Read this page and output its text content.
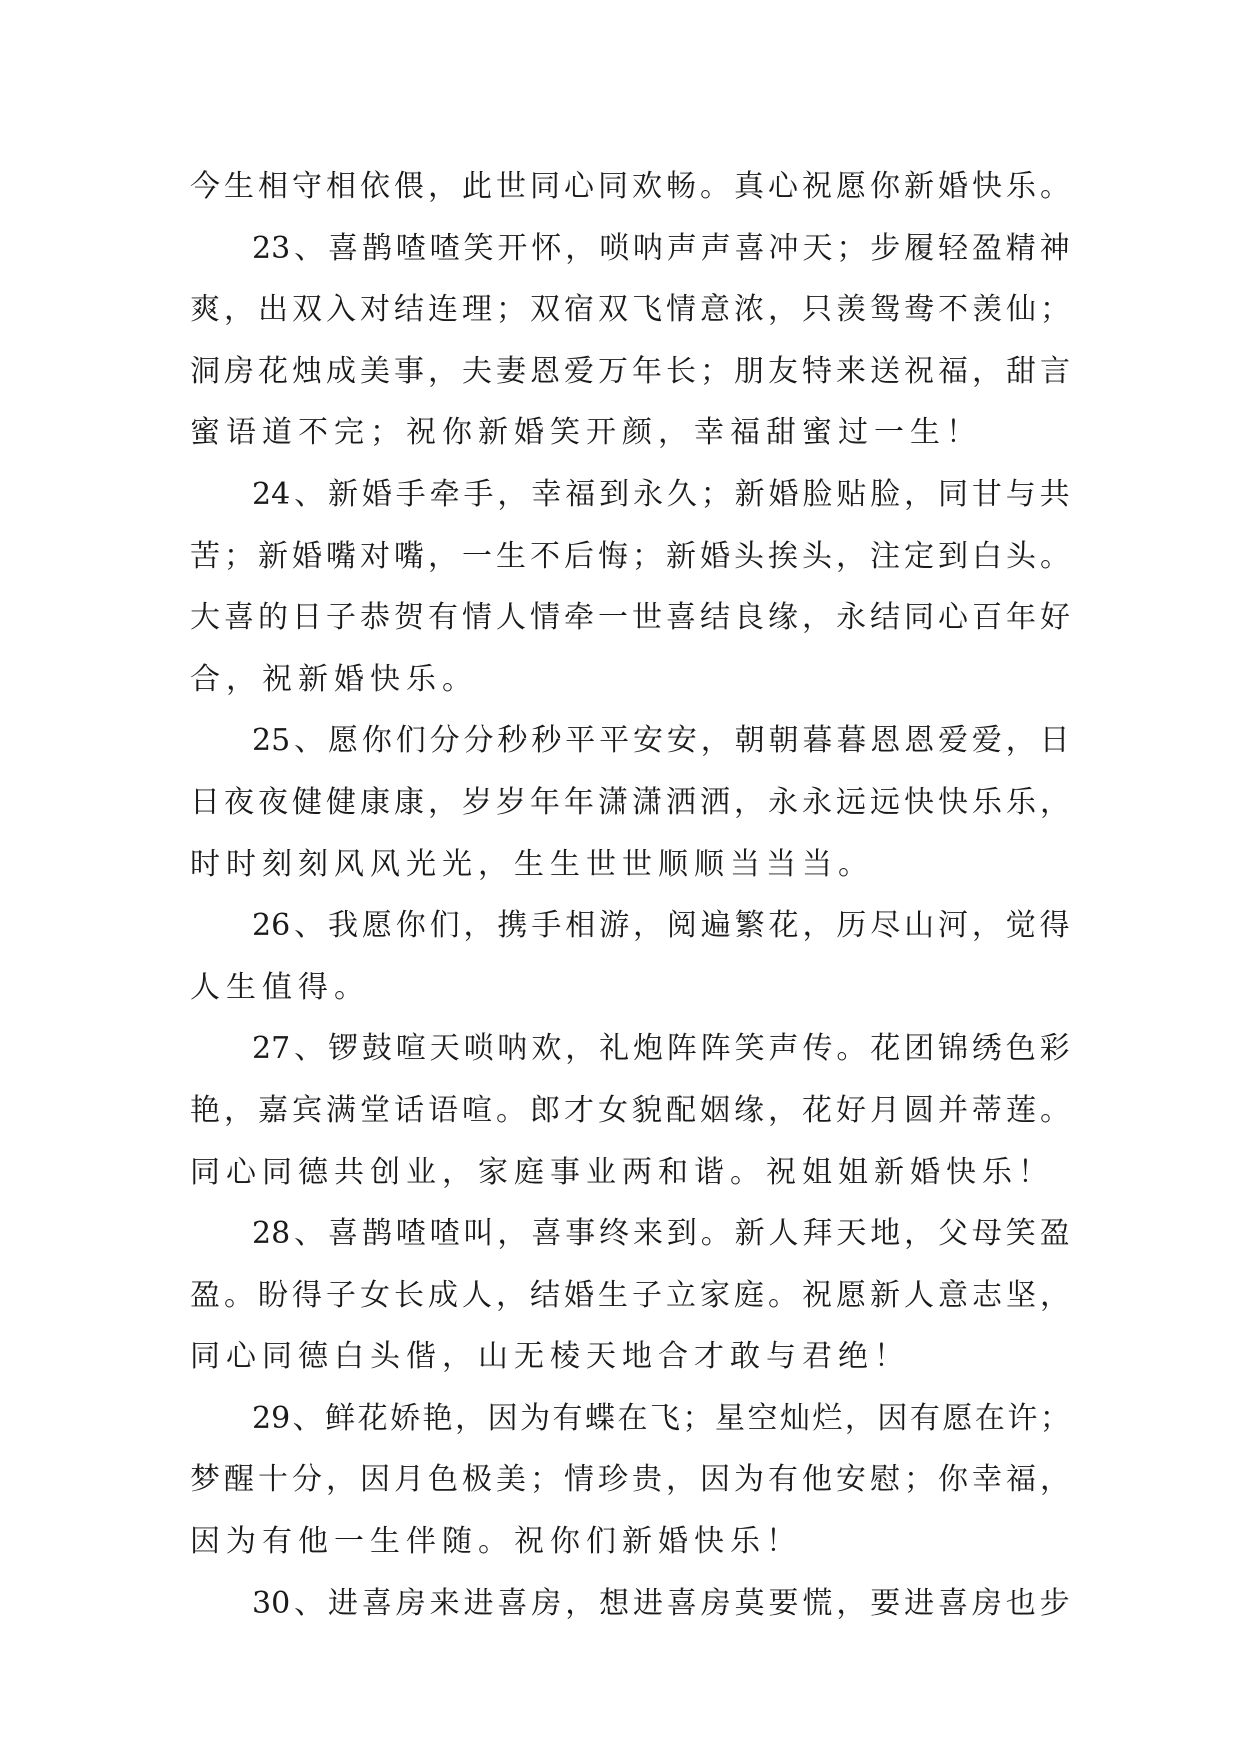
今 生 相 守 相 依 偎 ， 此 世 同 心 同 欢 畅 。 真 心 祝 愿 你 新 婚 快 乐 。
23 、 喜 鹊 喳 喳 笑 开 怀 ， 唢 呐 声 声 喜 冲 天 ； 步 履 轻 盈 精 神
爽 ， 出 双 入 对 结 连 理 ； 双 宿 双 飞 情 意 浓 ， 只 羡 鸳 鸯 不 羡 仙 ；
洞 房 花 烛 成 美 事 ， 夫 妻 恩 爱 万 年 长 ； 朋 友 特 来 送 祝 福 ， 甜 言
蜜 语 道 不 完 ； 祝 你 新 婚 笑 开 颜 ， 幸 福 甜 蜜 过 一 生 ！
24 、 新 婚 手 牵 手 ， 幸 福 到 永 久 ； 新 婚 脸 贴 脸 ， 同 甘 与 共
苦 ； 新 婚 嘴 对 嘴 ， 一 生 不 后 悔 ； 新 婚 头 挨 头 ， 注 定 到 白 头 。
大 喜 的 日 子 恭 贺 有 情 人 情 牵 一 世 喜 结 良 缘 ， 永 结 同 心 百 年 好
合 ， 祝 新 婚 快 乐 。
25 、 愿 你 们 分 分 秒 秒 平 平 安 安 ， 朝 朝 暮 暮 恩 恩 爱 爱 ， 日
日 夜 夜 健 健 康 康 ， 岁 岁 年 年 潇 潇 洒 洒 ， 永 永 远 远 快 快 乐 乐 ，
时 时 刻 刻 风 风 光 光 ， 生 生 世 世 顺 顺 当 当 当 。
26 、 我 愿 你 们 ， 携 手 相 游 ， 阅 遍 繁 花 ， 历 尽 山 河 ， 觉 得
人 生 值 得 。
27 、 锣 鼓 喧 天 唢 呐 欢 ， 礼 炮 阵 阵 笑 声 传 。 花 团 锦 绣 色 彩
艳 ， 嘉 宾 满 堂 话 语 喧 。 郎 才 女 貌 配 姻 缘 ， 花 好 月 圆 并 蒂 莲 。
同 心 同 德 共 创 业 ， 家 庭 事 业 两 和 谐 。 祝 姐 姐 新 婚 快 乐 ！
28 、 喜 鹊 喳 喳 叫 ， 喜 事 终 来 到 。 新 人 拜 天 地 ， 父 母 笑 盈
盈 。 盼 得 子 女 长 成 人 ， 结 婚 生 子 立 家 庭 。 祝 愿 新 人 意 志 坚 ，
同 心 同 德 白 头 偕 ， 山 无 棱 天 地 合 才 敢 与 君 绝 ！
29 、 鲜 花 娇 艳 ， 因 为 有 蝶 在 飞 ； 星 空 灿 烂 ， 因 有 愿 在 许 ；
梦 醒 十 分 ， 因 月 色 极 美 ； 情 珍 贵 ， 因 为 有 他 安 慰 ； 你 幸 福 ，
因 为 有 他 一 生 伴 随 。 祝 你 们 新 婚 快 乐 ！
30 、 进 喜 房 来 进 喜 房 ， 想 进 喜 房 莫 要 慌 ， 要 进 喜 房 也 步
